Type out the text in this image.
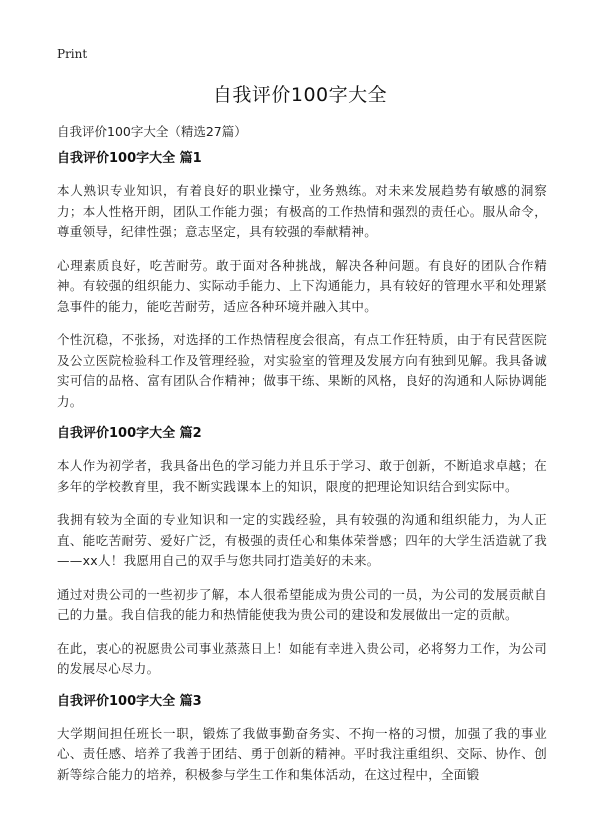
Print
自我评价100字大全

自我评价100字大全（精选27篇）

自我评价100字大全 篇1

本人熟识专业知识，有着良好的职业操守，业务熟练。对未来发展趋势有敏感的洞察力；本人性格开朗，团队工作能力强；有极高的工作热情和强烈的责任心。服从命令，尊重领导，纪律性强；意志坚定，具有较强的奉献精神。

心理素质良好，吃苦耐劳。敢于面对各种挑战，解决各种问题。有良好的团队合作精神。有较强的组织能力、实际动手能力、上下沟通能力，具有较好的管理水平和处理紧急事件的能力，能吃苦耐劳，适应各种环境并融入其中。

个性沉稳，不张扬，对选择的工作热情程度会很高，有点工作狂特质，由于有民营医院及公立医院检验科工作及管理经验，对实验室的管理及发展方向有独到见解。我具备诚实可信的品格、富有团队合作精神；做事干练、果断的风格，良好的沟通和人际协调能力。

自我评价100字大全 篇2

本人作为初学者，我具备出色的学习能力并且乐于学习、敢于创新，不断追求卓越；在多年的学校教育里，我不断实践课本上的知识，限度的把理论知识结合到实际中。

我拥有较为全面的专业知识和一定的实践经验，具有较强的沟通和组织能力，为人正直、能吃苦耐劳、爱好广泛，有极强的责任心和集体荣誉感；四年的大学生活造就了我——xx人！我愿用自己的双手与您共同打造美好的未来。

通过对贵公司的一些初步了解，本人很希望能成为贵公司的一员，为公司的发展贡献自己的力量。我自信我的能力和热情能使我为贵公司的建设和发展做出一定的贡献。

在此，衷心的祝愿贵公司事业蒸蒸日上！如能有幸进入贵公司，必将努力工作，为公司的发展尽心尽力。

自我评价100字大全 篇3

大学期间担任班长一职，锻炼了我做事勤奋务实、不拘一格的习惯，加强了我的事业心、责任感、培养了我善于团结、勇于创新的精神。平时我注重组织、交际、协作、创新等综合能力的培养，积极参与学生工作和集体活动，在这过程中，全面锻
